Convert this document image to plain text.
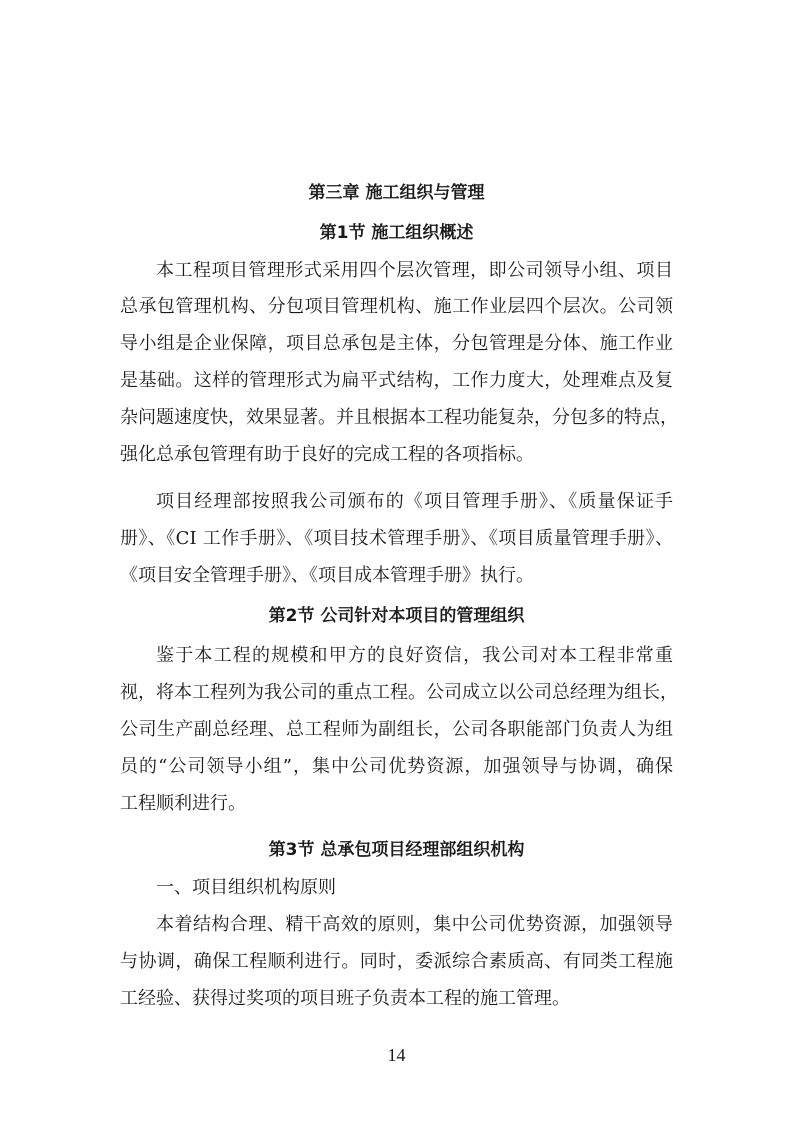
第三章 施工组织与管理
第1节 施工组织概述
本工程项目管理形式采用四个层次管理，即公司领导小组、项目
总承包管理机构、分包项目管理机构、施工作业层四个层次。公司领
导小组是企业保障，项目总承包是主体，分包管理是分体、施工作业
是基础。这样的管理形式为扁平式结构，工作力度大，处理难点及复
杂问题速度快，效果显著。并且根据本工程功能复杂，分包多的特点，
强化总承包管理有助于良好的完成工程的各项指标。
项目经理部按照我公司颁布的《项目管理手册》、《质量保证手
册》、《CI 工作手册》、《项目技术管理手册》、《项目质量管理手册》、
《项目安全管理手册》、《项目成本管理手册》执行。
第2节 公司针对本项目的管理组织
鉴于本工程的规模和甲方的良好资信，我公司对本工程非常重
视，将本工程列为我公司的重点工程。公司成立以公司总经理为组长，
公司生产副总经理、总工程师为副组长，公司各职能部门负责人为组
员的“公司领导小组”，集中公司优势资源，加强领导与协调，确保
工程顺利进行。
第3节 总承包项目经理部组织机构
一、项目组织机构原则
本着结构合理、精干高效的原则，集中公司优势资源，加强领导
与协调，确保工程顺利进行。同时，委派综合素质高、有同类工程施
工经验、获得过奖项的项目班子负责本工程的施工管理。
14
